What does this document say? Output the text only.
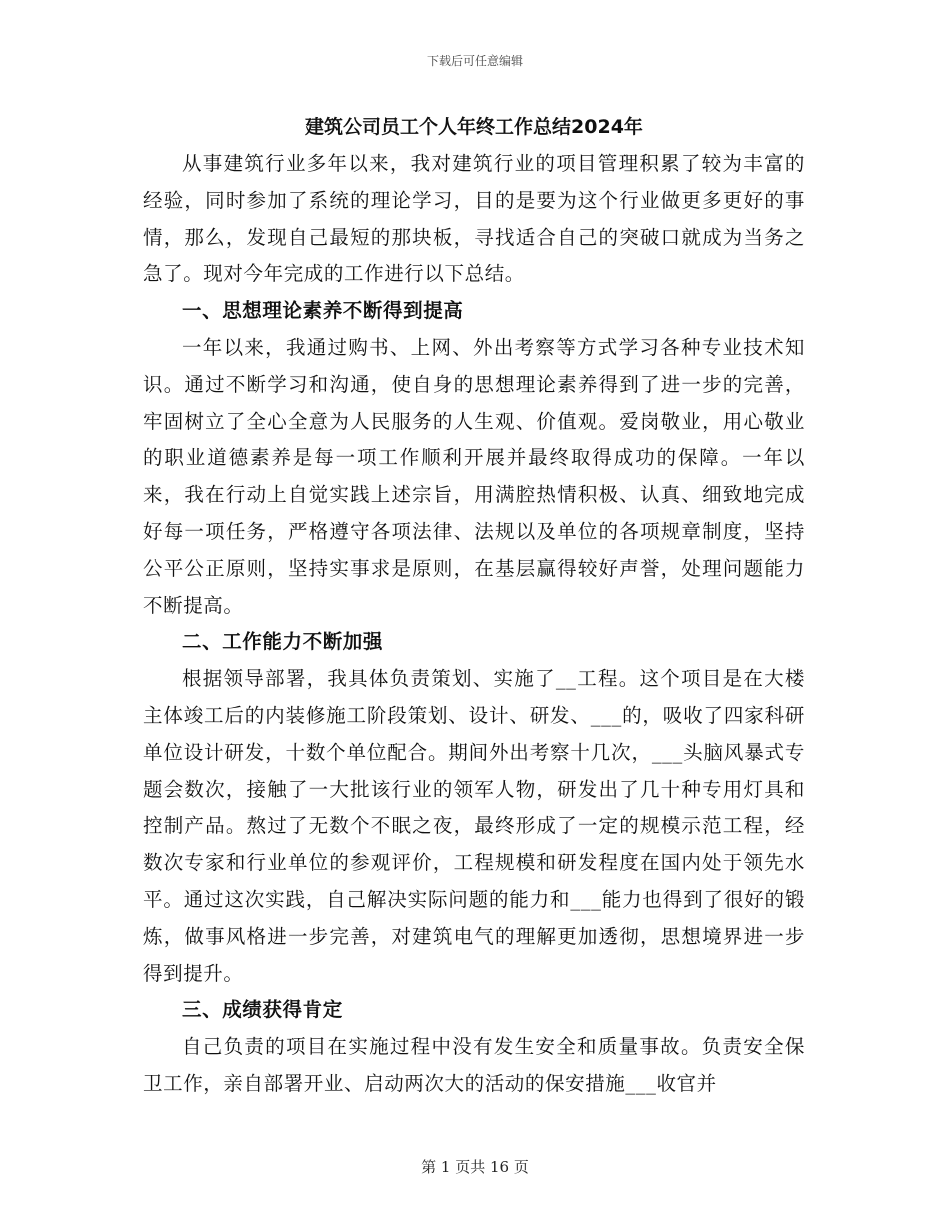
下载后可任意编辑
建筑公司员工个人年终工作总结2024年

从事建筑行业多年以来，我对建筑行业的项目管理积累了较为丰富的经验，同时参加了系统的理论学习，目的是要为这个行业做更多更好的事情，那么，发现自己最短的那块板，寻找适合自己的突破口就成为当务之急了。现对今年完成的工作进行以下总结。

一、思想理论素养不断得到提高

一年以来，我通过购书、上网、外出考察等方式学习各种专业技术知识。通过不断学习和沟通，使自身的思想理论素养得到了进一步的完善，牢固树立了全心全意为人民服务的人生观、价值观。爱岗敬业，用心敬业的职业道德素养是每一项工作顺利开展并最终取得成功的保障。一年以来，我在行动上自觉实践上述宗旨，用满腔热情积极、认真、细致地完成好每一项任务，严格遵守各项法律、法规以及单位的各项规章制度，坚持公平公正原则，坚持实事求是原则，在基层赢得较好声誉，处理问题能力不断提高。

二、工作能力不断加强

根据领导部署，我具体负责策划、实施了__工程。这个项目是在大楼主体竣工后的内装修施工阶段策划、设计、研发、___的，吸收了四家科研单位设计研发，十数个单位配合。期间外出考察十几次，___头脑风暴式专题会数次，接触了一大批该行业的领军人物，研发出了几十种专用灯具和控制产品。熬过了无数个不眠之夜，最终形成了一定的规模示范工程，经数次专家和行业单位的参观评价，工程规模和研发程度在国内处于领先水平。通过这次实践，自己解决实际问题的能力和___能力也得到了很好的锻炼，做事风格进一步完善，对建筑电气的理解更加透彻，思想境界进一步得到提升。

三、成绩获得肯定

自己负责的项目在实施过程中没有发生安全和质量事故。负责安全保卫工作，亲自部署开业、启动两次大的活动的保安措施___收官并

第 1 页共 16 页
